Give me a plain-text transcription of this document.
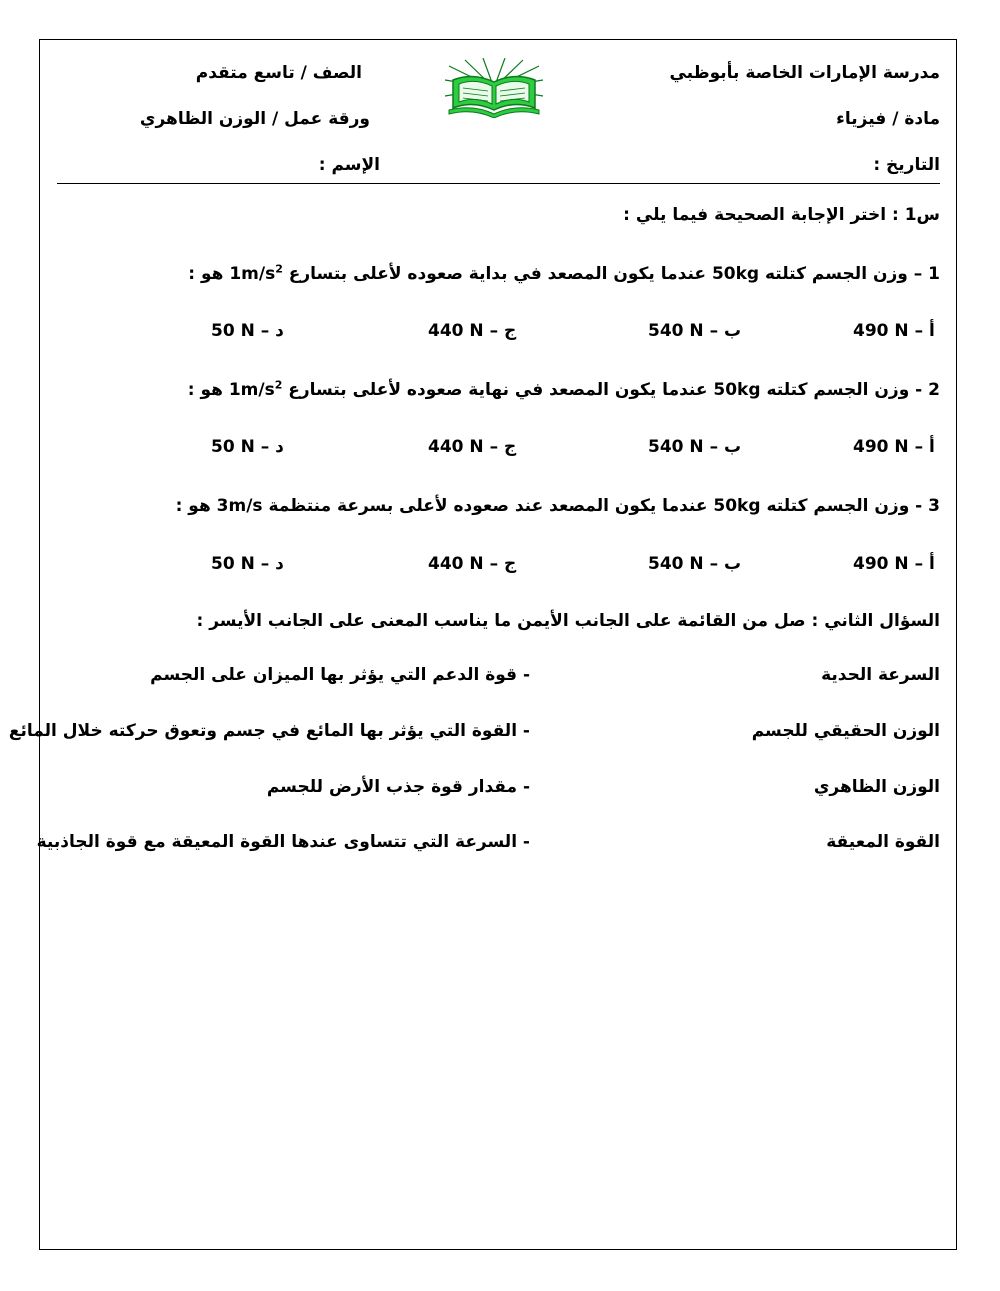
مدرسة الإمارات الخاصة بأبوظبي
الصف / تاسع متقدم
مادة / فيزياء
ورقة عمل / الوزن الظاهري
التاريخ :
الإسم :
س1 : اختر الإجابة الصحيحة فيما يلي :
1 – وزن الجسم كتلته 50kg عندما يكون المصعد في بداية صعوده لأعلى بتسارع $1m/s^2$ هو :
490 N أ –
540 N ب –
440 N ج –
50 N د –
2 - وزن الجسم كتلته 50kg عندما يكون المصعد في نهاية صعوده لأعلى بتسارع $1m/s^2$ هو :
490 N أ –
540 N ب –
440 N ج –
50 N د –
3 - وزن الجسم كتلته 50kg عندما يكون المصعد عند صعوده لأعلى بسرعة منتظمة 3m/s هو :
490 N أ –
540 N ب –
440 N ج –
50 N د –
السؤال الثاني : صل من القائمة على الجانب الأيمن ما يناسب المعنى على الجانب الأيسر :
السرعة الحدية
- قوة الدعم التي يؤثر بها الميزان على الجسم
الوزن الحقيقي للجسم
- القوة التي يؤثر بها المائع في جسم وتعوق حركته خلال المائع
الوزن الظاهري
- مقدار قوة جذب الأرض للجسم
القوة المعيقة
- السرعة التي تتساوى عندها القوة المعيقة مع قوة الجاذبية
